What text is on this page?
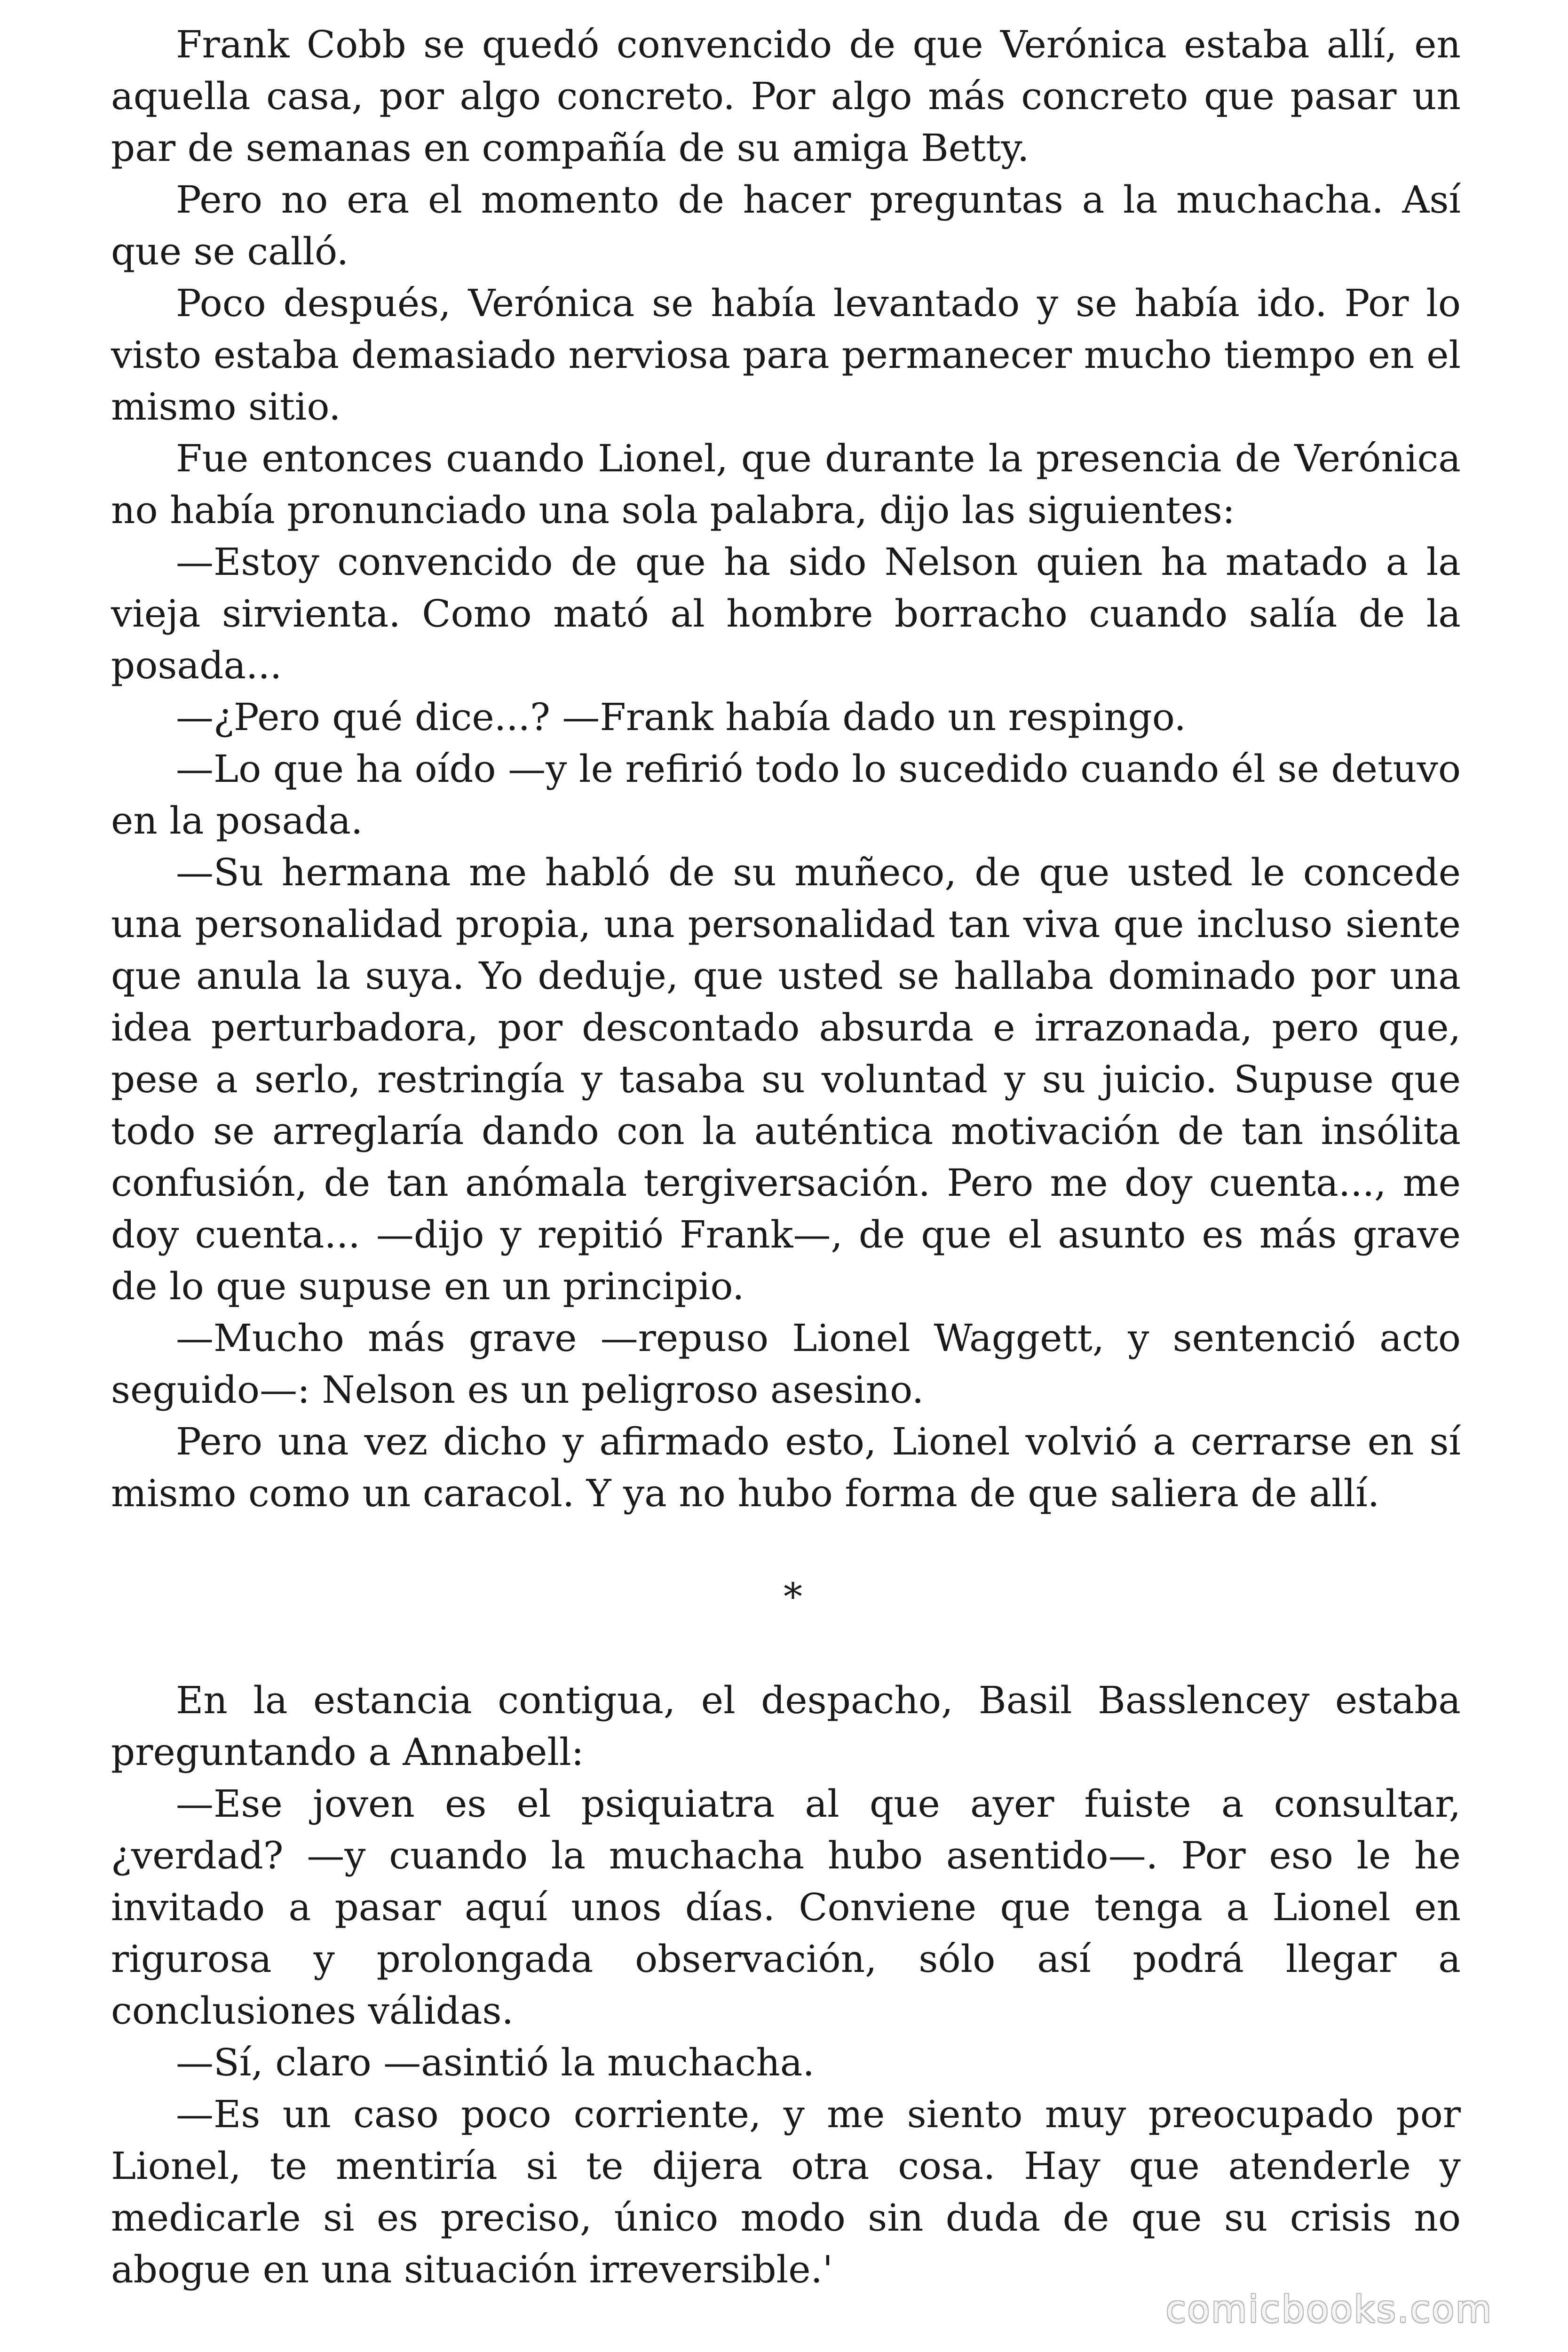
Frank Cobb se quedó convencido de que Verónica estaba allí, en aquella casa, por algo concreto. Por algo más concreto que pasar un par de semanas en compañía de su amiga Betty.

Pero no era el momento de hacer preguntas a la muchacha. Así que se calló.

Poco después, Verónica se había levantado y se había ido. Por lo visto estaba demasiado nerviosa para permanecer mucho tiempo en el mismo sitio.

Fue entonces cuando Lionel, que durante la presencia de Verónica no había pronunciado una sola palabra, dijo las siguientes:

—Estoy convencido de que ha sido Nelson quien ha matado a la vieja sirvienta. Como mató al hombre borracho cuando salía de la posada...

—¿Pero qué dice...? —Frank había dado un respingo.

—Lo que ha oído —y le refirió todo lo sucedido cuando él se detuvo en la posada.

—Su hermana me habló de su muñeco, de que usted le concede una personalidad propia, una personalidad tan viva que incluso siente que anula la suya. Yo deduje, que usted se hallaba dominado por una idea perturbadora, por descontado absurda e irrazonada, pero que, pese a serlo, restringía y tasaba su voluntad y su juicio. Supuse que todo se arreglaría dando con la auténtica motivación de tan insólita confusión, de tan anómala tergiversación. Pero me doy cuenta..., me doy cuenta... —dijo y repitió Frank—, de que el asunto es más grave de lo que supuse en un principio.

—Mucho más grave —repuso Lionel Waggett, y sentenció acto seguido—: Nelson es un peligroso asesino.

Pero una vez dicho y afirmado esto, Lionel volvió a cerrarse en sí mismo como un caracol. Y ya no hubo forma de que saliera de allí.

*

En la estancia contigua, el despacho, Basil Basslencey estaba preguntando a Annabell:

—Ese joven es el psiquiatra al que ayer fuiste a consultar, ¿verdad? —y cuando la muchacha hubo asentido—. Por eso le he invitado a pasar aquí unos días. Conviene que tenga a Lionel en rigurosa y prolongada observación, sólo así podrá llegar a conclusiones válidas.

—Sí, claro —asintió la muchacha.

—Es un caso poco corriente, y me siento muy preocupado por Lionel, te mentiría si te dijera otra cosa. Hay que atenderle y medicarle si es preciso, único modo sin duda de que su crisis no abogue en una situación irreversible.'

comicbooks.com
